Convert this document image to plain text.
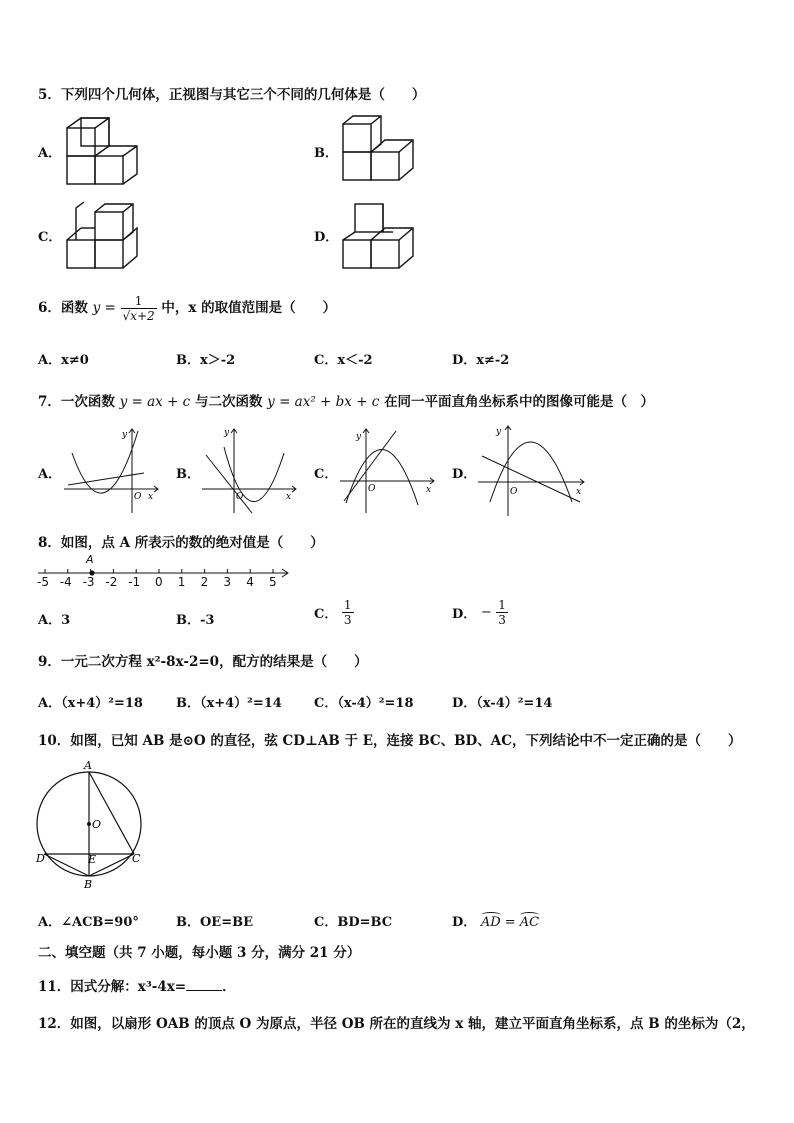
5．下列四个几何体，正视图与其它三个不同的几何体是（　　）
A．	B．
C．	D．
6．函数 $y = \frac{1}{√x+2}$ 中，x 的取值范围是（　　）
A．x≠0	B．x＞-2	C．x＜-2	D．x≠-2
7．一次函数 y = ax + c 与二次函数 y = ax² + bx + c 在同一平面直角坐标系中的图像可能是（　）
A．	B．	C．	D．
y
x
O
y
x
O
y
x
O
y
x
O
8．如图，点 A 所表示的数的绝对值是（　　）
A
-5 -4 -3 -2 -1 0 1 2 3 4 5
A．3	B．-3	C． $\frac{1}{3}$	D． − $\frac{1}{3}$
9．一元二次方程 x²-8x-2=0，配方的结果是（　　）
A．（x+4）²=18	B．（x+4）²=14 C．（x-4）²=18	D．（x-4）²=14
10．如图，已知 AB 是⊙O 的直径，弦 CD⊥AB 于 E，连接 BC、BD、AC，下列结论中不一定正确的是（　　）
A
O
D	E	C
B
A．∠ACB=90°	B．OE=BE	C．BD=BC	D． AD = AC
二、填空题（共 7 小题，每小题 3 分，满分 21 分）
11．因式分解：x³-4x=	．
12．如图，以扇形 OAB 的顶点 O 为原点，半径 OB 所在的直线为 x 轴，建立平面直角坐标系，点 B 的坐标为（2，
